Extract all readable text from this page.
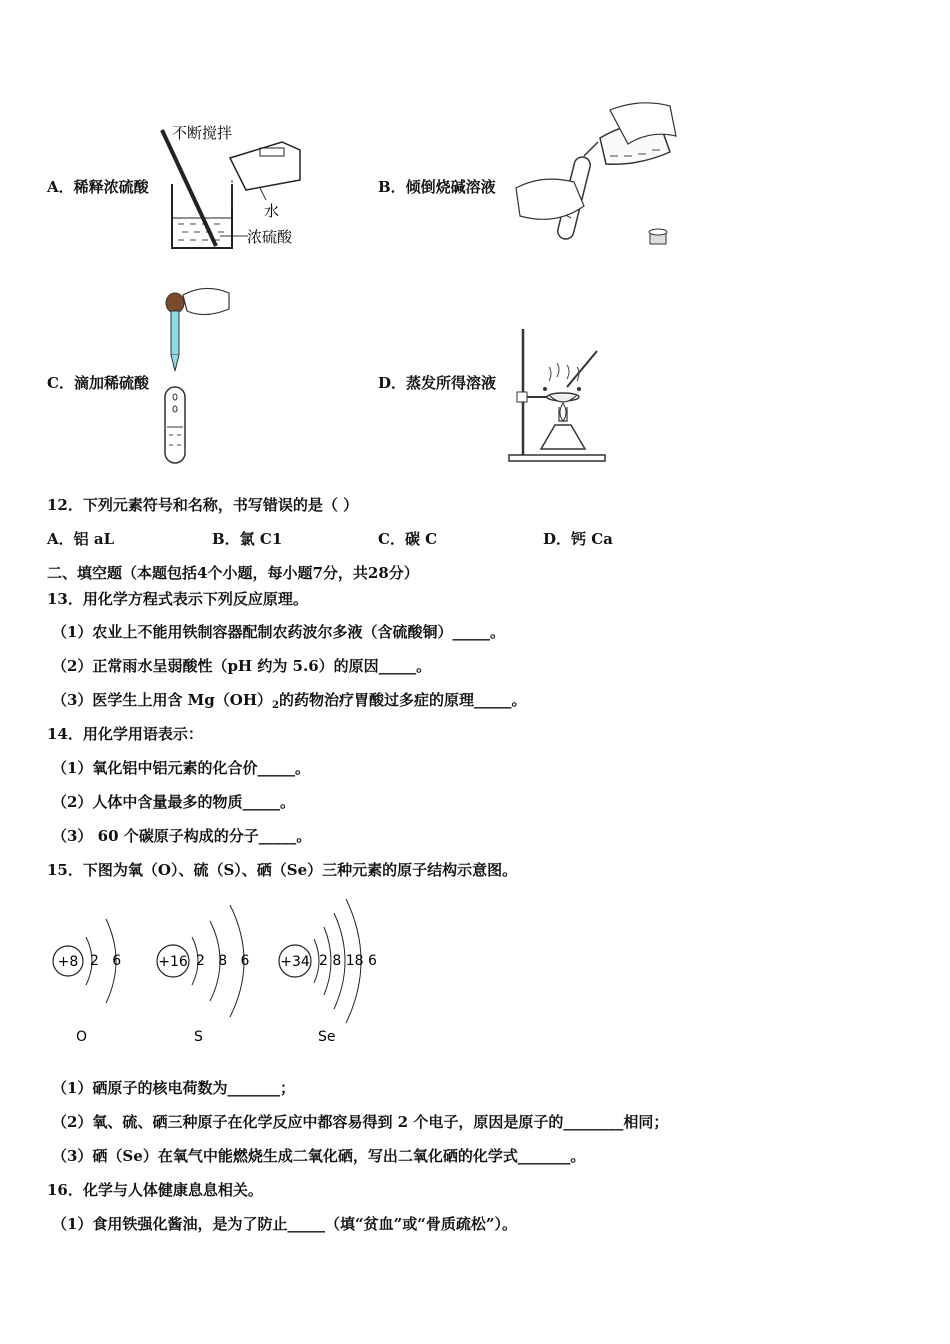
A．稀释浓硫酸
不断搅拌
水
浓硫酸
B．倾倒烧碱溶液
C．滴加稀硫酸	D．蒸发所得溶液
12．下列元素符号和名称，书写错误的是（ ）
A．铝 aL	B．氯 C1	C．碳 C	D．钙 Ca
二、填空题（本题包括4个小题，每小题7分，共28分）
13．用化学方程式表示下列反应原理。
（1）农业上不能用铁制容器配制农药波尔多液（含硫酸铜）_____。
（2）正常雨水呈弱酸性（pH 约为 5.6）的原因_____。
（3）医学生上用含 $Mg(OH)_2$的药物治疗胃酸过多症的原理_____。
14．用化学用语表示：
（1）氧化铝中铝元素的化合价_____。
（2）人体中含量最多的物质_____。
（3） 60 个碳原子构成的分子_____。
15．下图为氧（O）、硫（S）、硒（Se）三种元素的原子结构示意图。
+8 2   6
O
+16 2   8   6
S
+34 2 8 18 6
Se
（1）硒原子的核电荷数为_______；
（2）氧、硫、硒三种原子在化学反应中都容易得到 2 个电子，原因是原子的________相同；
（3）硒（Se）在氧气中能燃烧生成二氧化硒，写出二氧化硒的化学式_______。
16．化学与人体健康息息相关。
（1）食用铁强化酱油，是为了防止_____（填“贫血”或“骨质疏松”）。
